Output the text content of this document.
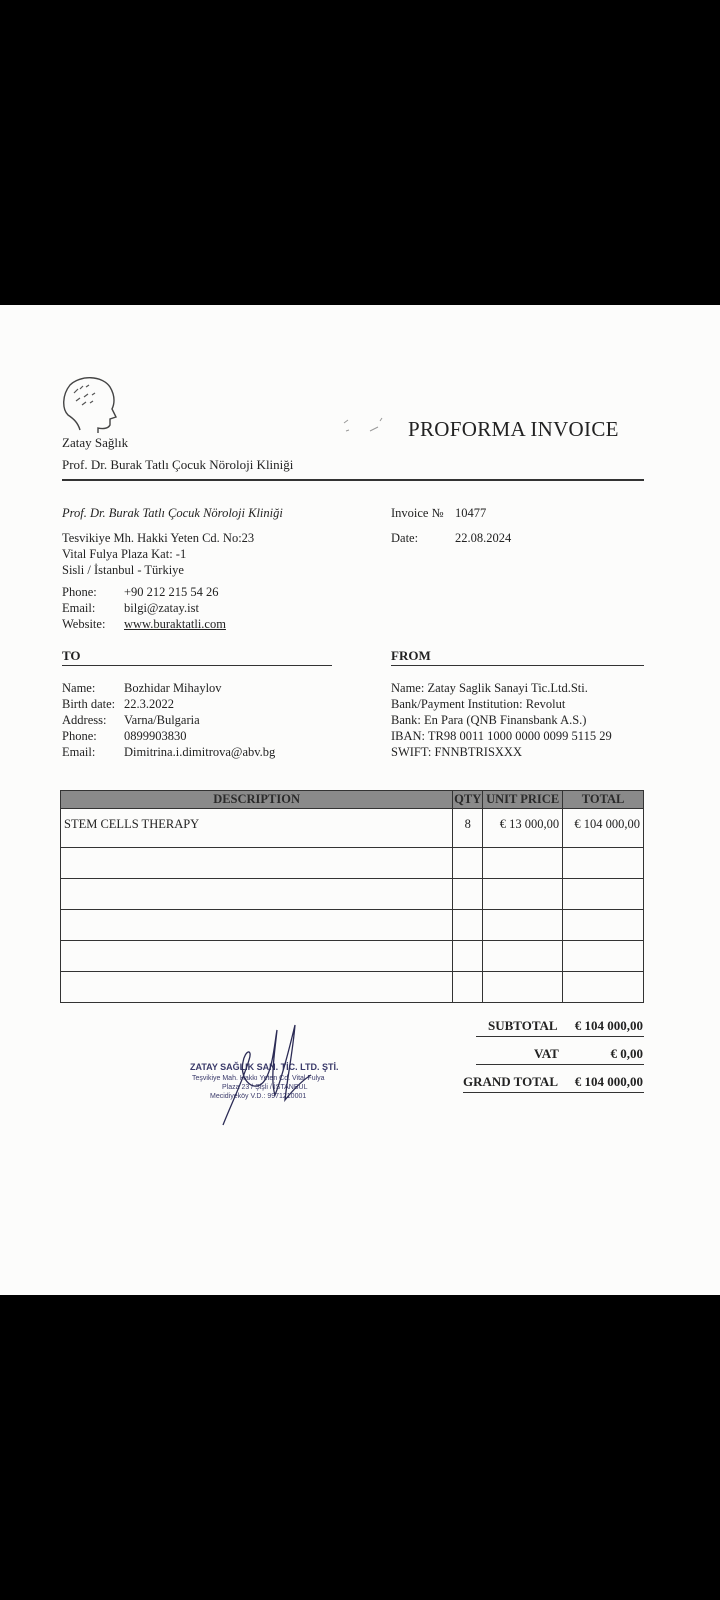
Zatay Sağlık
Prof. Dr. Burak Tatlı Çocuk Nöroloji Kliniği
PROFORMA INVOICE
Prof. Dr. Burak Tatlı Çocuk Nöroloji Kliniği
Tesvikiye Mh. Hakki Yeten Cd. No:23
Vital Fulya Plaza Kat: -1
Sisli / İstanbul - Türkiye
Phone: +90 212 215 54 26
Email: bilgi@zatay.ist
Website: www.buraktatli.com
Invoice № 10477
Date:	22.08.2024
TO	FROM
Name: Bozhidar Mihaylov
Birth date: 22.3.2022
Address: Varna/Bulgaria
Phone: 0899903830
Email: Dimitrina.i.dimitrova@abv.bg
Name: Zatay Saglik Sanayi Tic.Ltd.Sti.
Bank/Payment Institution: Revolut
Bank: En Para (QNB Finansbank A.S.)
IBAN: TR98 0011 1000 0000 0099 5115 29
SWIFT: FNNBTRISXXX
DESCRIPTION	QTY	UNIT PRICE	TOTAL
STEM CELLS THERAPY	8	€ 13 000,00	€ 104 000,00

SUBTOTAL € 104 000,00
VAT	€ 0,00
GRAND TOTAL € 104 000,00
ZATAY SAĞLIK SAN. TİC. LTD. ŞTİ.
Teşvikiye Mah. Hakkı Yeten Cd. Vital Fulya
Plaza 23 / Şişli / İSTANBUL
Mecidiyeköy V.D.: 9971210001
